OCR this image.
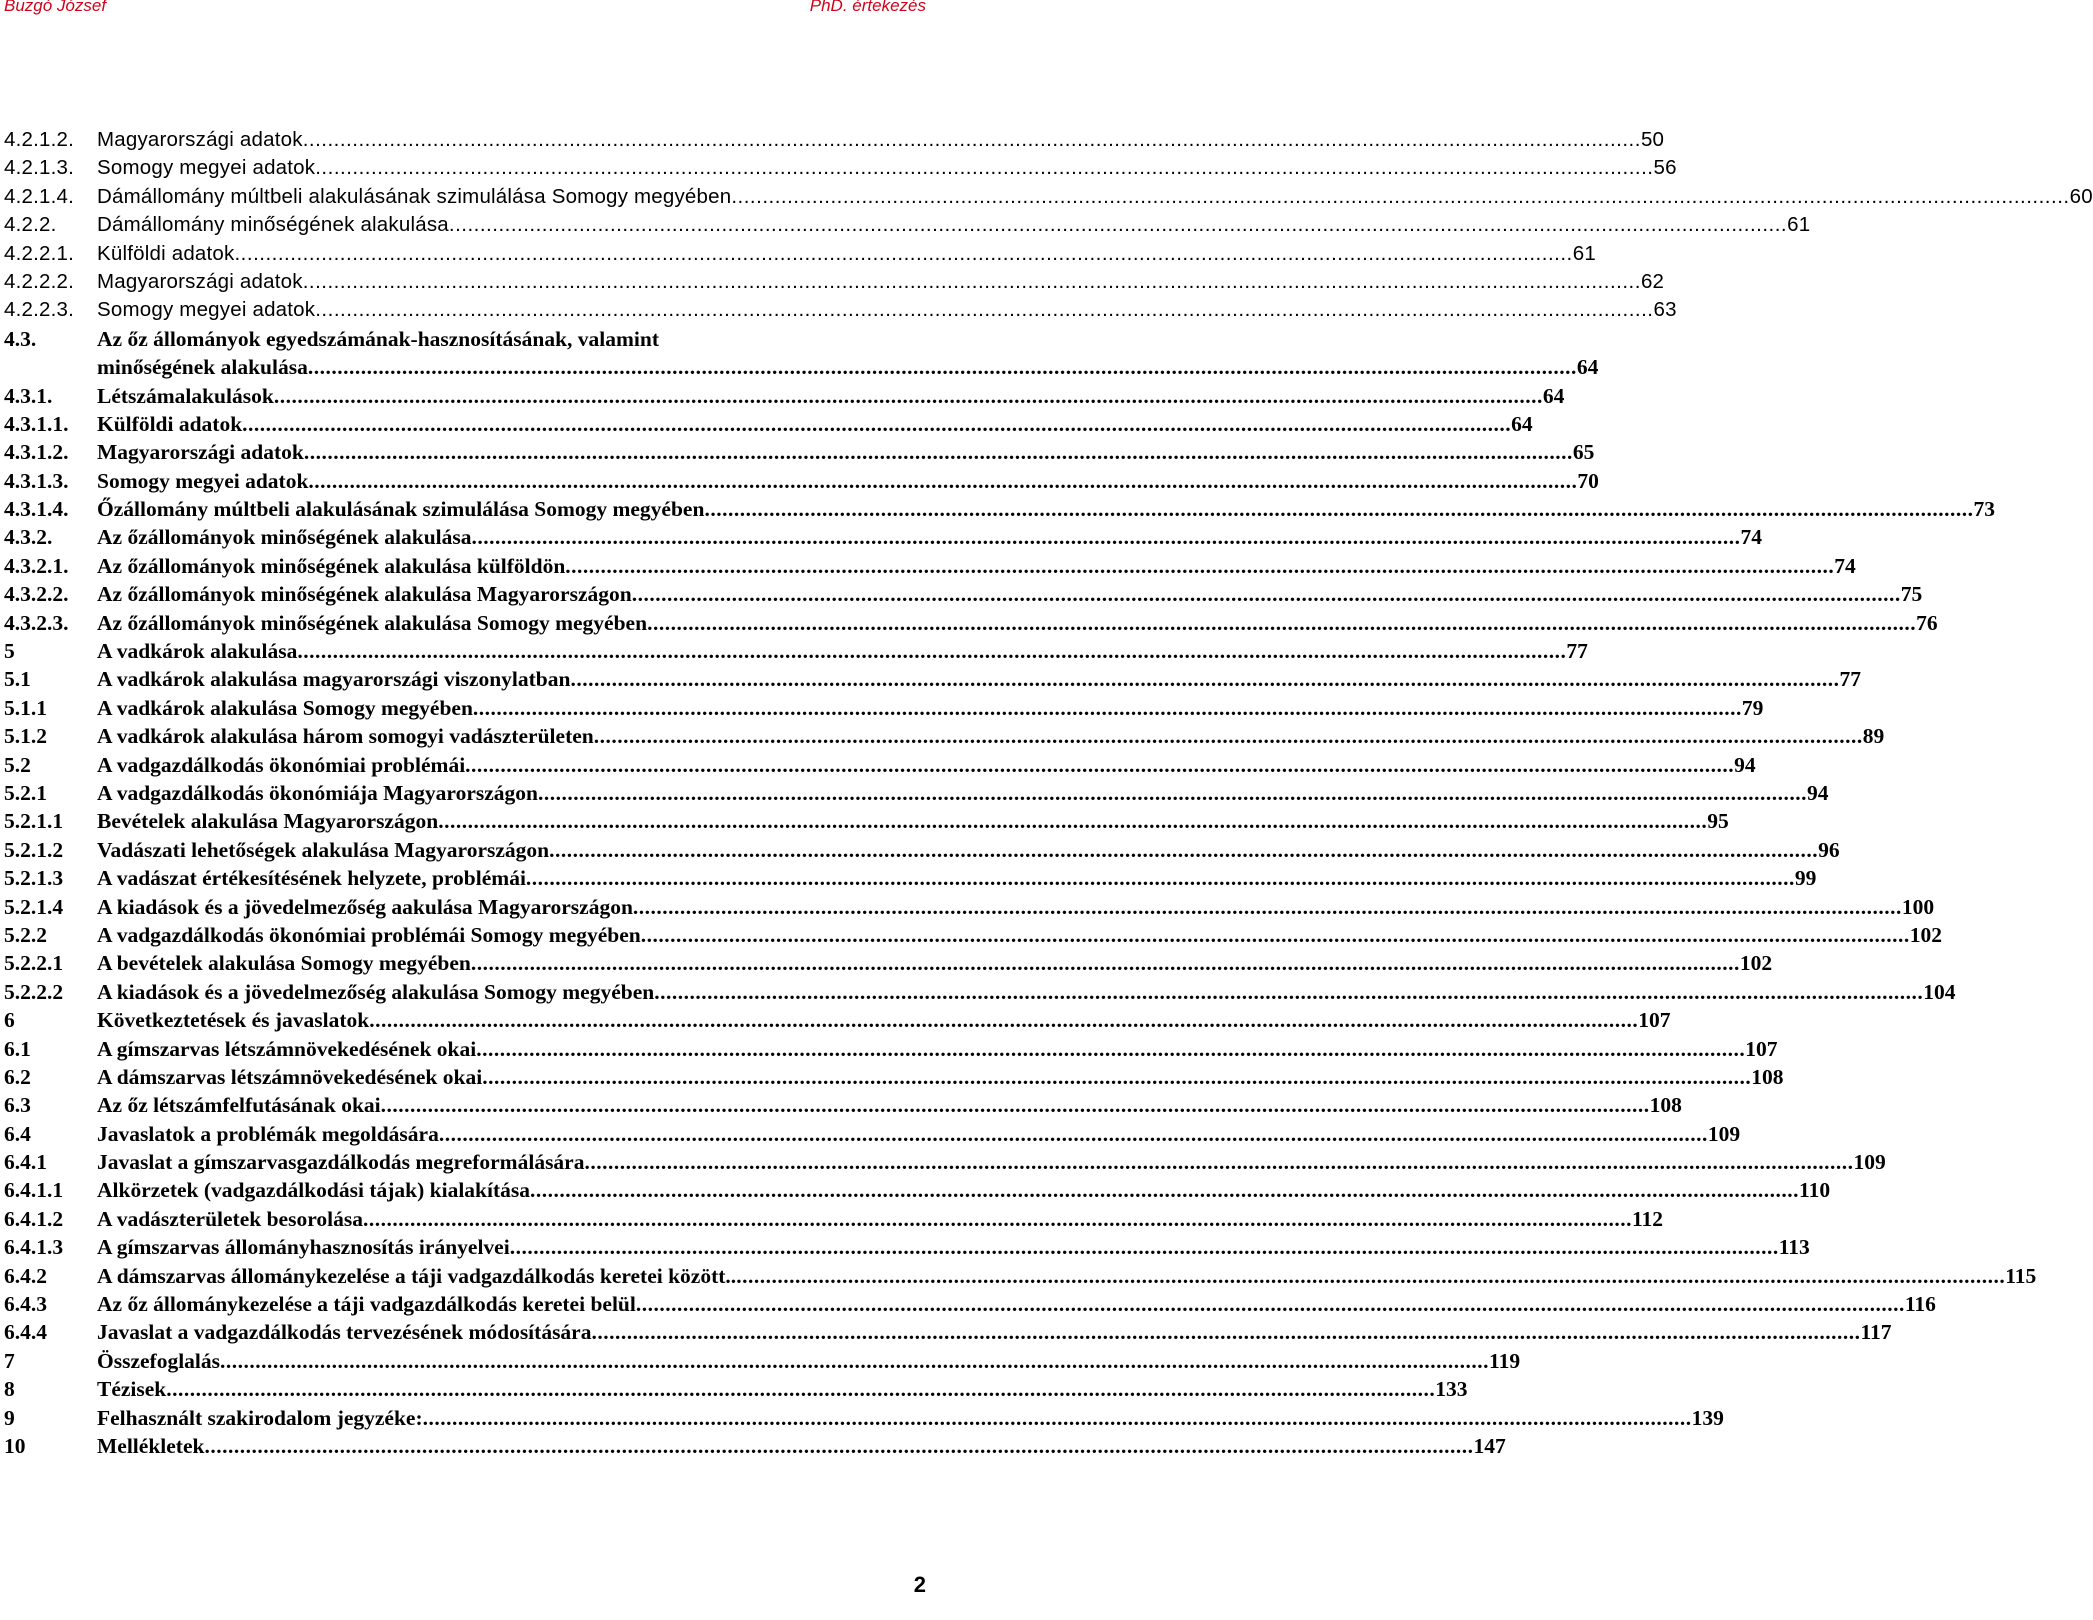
Buzgó József	PhD. értekezés
4.2.1.2.	Magyarországi adatok .....	50
4.2.1.3.	Somogy megyei adatok .....	56
4.2.1.4.	Dámállomány múltbeli alakulásának szimulálása Somogy megyében .....	60
4.2.2.	Dámállomány minőségének alakulása .....	61
4.2.2.1.	Külföldi adatok .....	61
4.2.2.2.	Magyarországi adatok .....	62
4.2.2.3.	Somogy megyei adatok .....	63
4.3.	Az őz állományok egyedszámának-hasznosításának, valamint
minőségének alakulása .....	64
4.3.1.	Létszámalakulások .....	64
4.3.1.1.	Külföldi adatok .....	64
4.3.1.2.	Magyarországi adatok .....	65
4.3.1.3.	Somogy megyei adatok .....	70
4.3.1.4.	Őzállomány múltbeli alakulásának szimulálása Somogy megyében .....	73
4.3.2.	Az őzállományok minőségének alakulása .....	74
4.3.2.1.	Az őzállományok minőségének alakulása külföldön .....	74
4.3.2.2.	Az őzállományok minőségének alakulása Magyarországon .....	75
4.3.2.3.	Az őzállományok minőségének alakulása Somogy megyében .....	76
5	A vadkárok alakulása .....	77
5.1	A vadkárok alakulása magyarországi viszonylatban .....	77
5.1.1	A vadkárok alakulása Somogy megyében .....	79
5.1.2	A vadkárok alakulása három somogyi vadászterületen .....	89
5.2	A vadgazdálkodás ökonómiai problémái .....	94
5.2.1	A vadgazdálkodás ökonómiája Magyarországon .....	94
5.2.1.1	Bevételek alakulása Magyarországon .....	95
5.2.1.2	Vadászati lehetőségek alakulása Magyarországon .....	96
5.2.1.3	A vadászat értékesítésének helyzete, problémái .....	99
5.2.1.4	A kiadások és a jövedelmezőség aakulása Magyarországon .....	100
5.2.2	A vadgazdálkodás ökonómiai problémái Somogy megyében .....	102
5.2.2.1	A bevételek alakulása Somogy megyében .....	102
5.2.2.2	A kiadások és a jövedelmezőség alakulása Somogy megyében .....	104
6	Következtetések és javaslatok .....	107
6.1	A gímszarvas létszámnövekedésének okai .....	107
6.2	A dámszarvas létszámnövekedésének okai .....	108
6.3	Az őz létszámfelfutásának okai .....	108
6.4	Javaslatok a problémák megoldására .....	109
6.4.1	Javaslat a gímszarvasgazdálkodás megreformálására .....	109
6.4.1.1	Alkörzetek (vadgazdálkodási tájak) kialakítása .....	110
6.4.1.2	A vadászterületek besorolása .....	112
6.4.1.3	A gímszarvas állományhasznosítás irányelvei .....	113
6.4.2	A dámszarvas állománykezelése a táji vadgazdálkodás keretei között.. .....	115
6.4.3	Az őz állománykezelése a táji vadgazdálkodás keretei belül .....	116
6.4.4	Javaslat a vadgazdálkodás tervezésének módosítására .....	117
7	Összefoglalás .....	119
8	Tézisek .....	133
9	Felhasznált szakirodalom jegyzéke: .....	139
10	Mellékletek .....	147
2
